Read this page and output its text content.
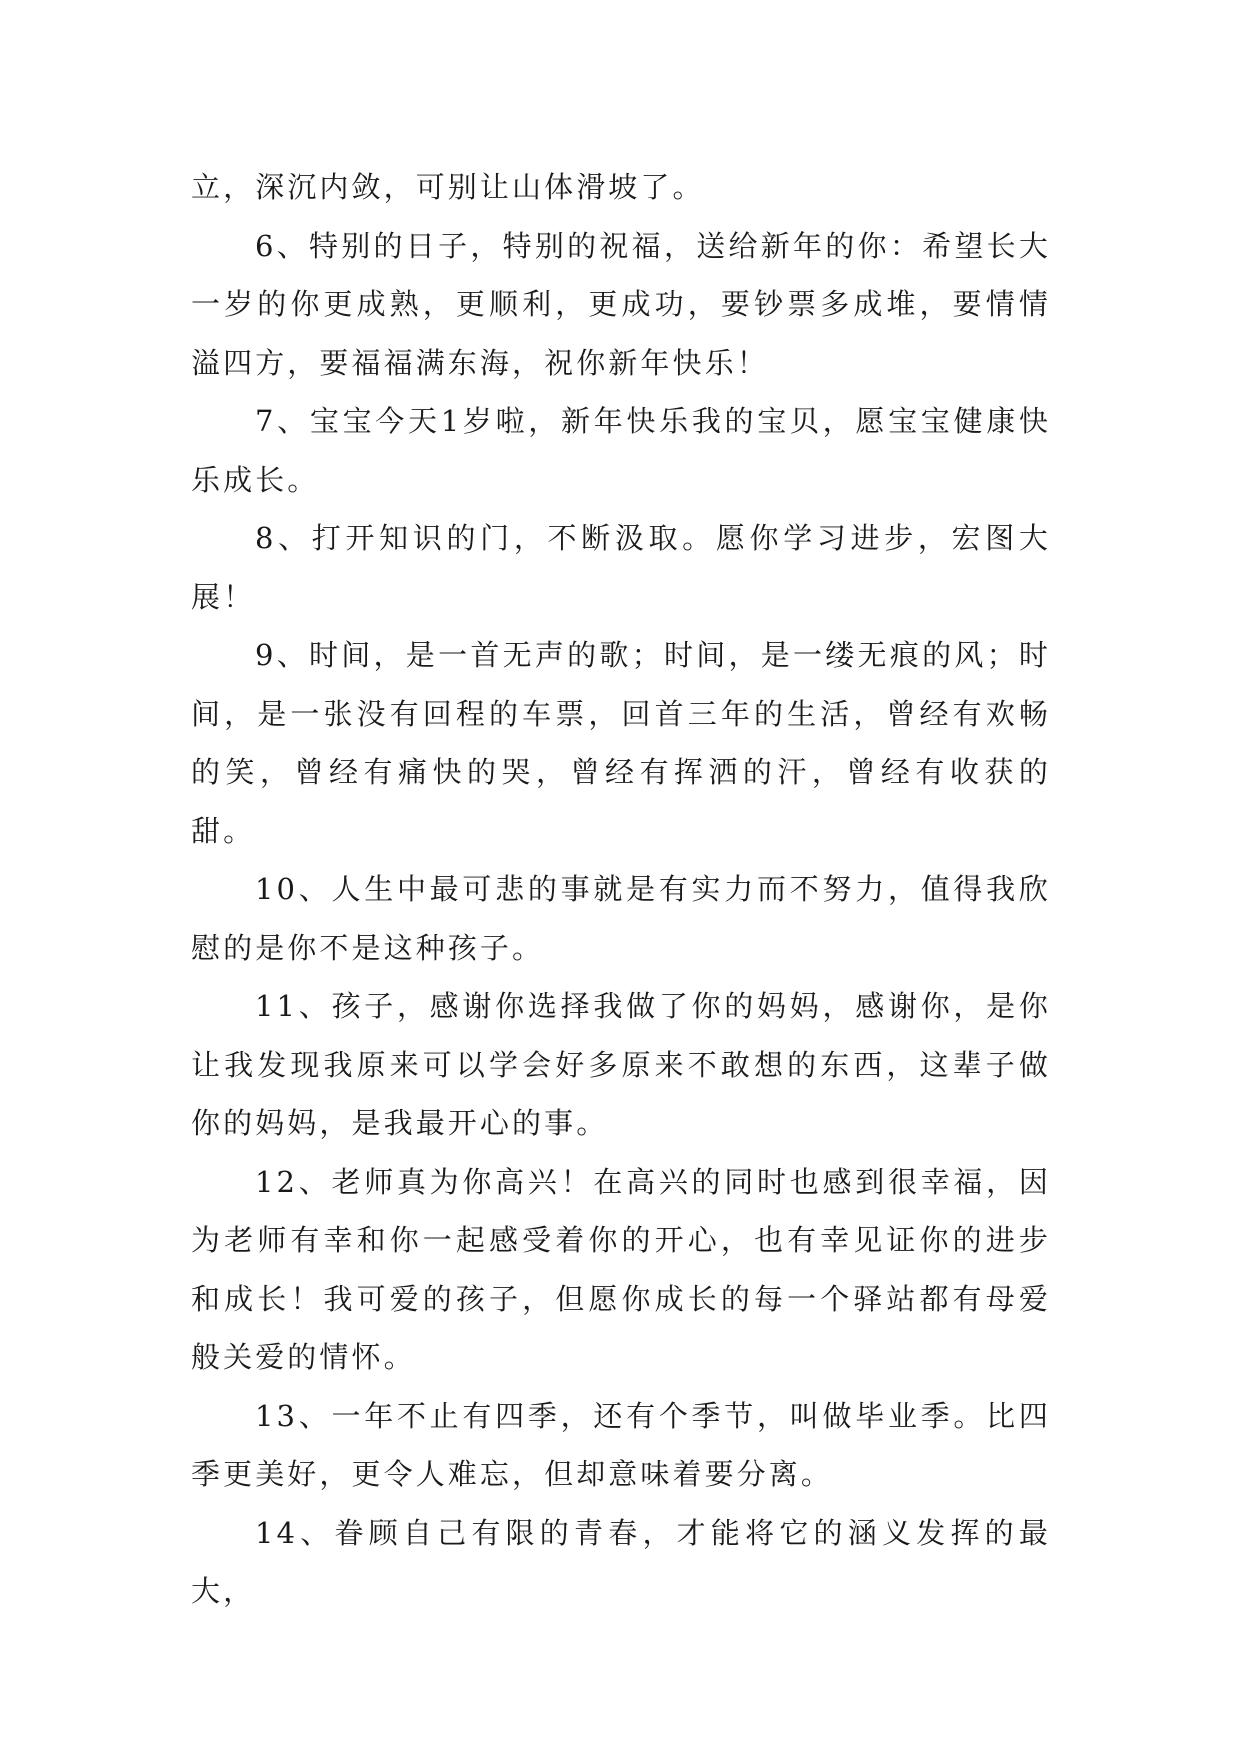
立，深沉内敛，可别让山体滑坡了。

6、特别的日子，特别的祝福，送给新年的你：希望长大一岁的你更成熟，更顺利，更成功，要钞票多成堆，要情情溢四方，要福福满东海，祝你新年快乐！

7、宝宝今天1岁啦，新年快乐我的宝贝，愿宝宝健康快乐成长。

8、打开知识的门，不断汲取。愿你学习进步，宏图大展！

9、时间，是一首无声的歌；时间，是一缕无痕的风；时间，是一张没有回程的车票，回首三年的生活，曾经有欢畅的笑，曾经有痛快的哭，曾经有挥洒的汗，曾经有收获的甜。

10、人生中最可悲的事就是有实力而不努力，值得我欣慰的是你不是这种孩子。

11、孩子，感谢你选择我做了你的妈妈，感谢你，是你让我发现我原来可以学会好多原来不敢想的东西，这辈子做你的妈妈，是我最开心的事。

12、老师真为你高兴！在高兴的同时也感到很幸福，因为老师有幸和你一起感受着你的开心，也有幸见证你的进步和成长！我可爱的孩子，但愿你成长的每一个驿站都有母爱般关爱的情怀。

13、一年不止有四季，还有个季节，叫做毕业季。比四季更美好，更令人难忘，但却意味着要分离。

14、眷顾自己有限的青春，才能将它的涵义发挥的最大，
